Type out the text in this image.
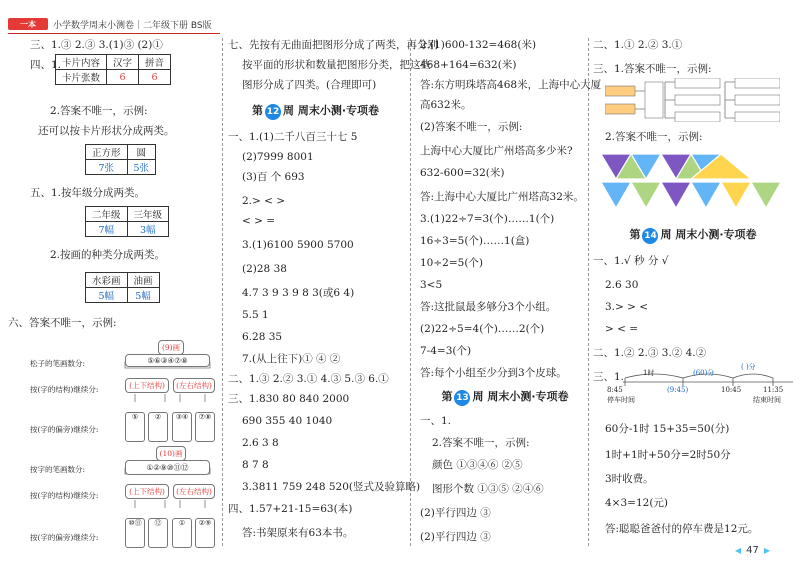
一本	小学数学周末小测卷｜二年级下册 BS版
三、1.③ 2.③ 3.(1)③ (2)①
四、1. 卡片内容	汉字	拼音
卡片张数	6	6
2.答案不唯一，示例:
还可以按卡片形状分成两类。
正方形	圆
7张	5张
五、1.按年级分成两类。
二年级	三年级
7幅	3幅
2.按画的种类分成两类。
水彩画	油画
5幅	5幅
六、答案不唯一，示例:
(9)画
松子的笔画数分:	⑤⑥③④⑦⑧
按(字的结构)继续分:	(上下结构)	(左右结构)
按(字的偏旁)继续分:
⑤	②	③④	⑦⑧
(10)画
按字的笔画数分:	①②⑨⑩⑪⑫
按(字的结构)继续分:	(上下结构)	(左右结构)
按(字的偏旁)继续分:
⑩⑪	⑫	①	②⑨
七、先按有无曲面把图形分成了两类，再分别
按平面的形状和数量把图形分类，把这些
图形分成了四类。(合理即可)
第 12 周 周末小测·专项卷
一、1.(1)二千八百三十七 5
(2)7999 8001
(3)百 个 693
2.> < >
< > =
3.(1)6100 5900 5700
(2)28 38
4.7 3 9 3 9 8 3(或6 4)
5.5 1
6.28 35
7.(从上往下)① ④ ②
二、1.③ 2.② 3.① 4.③ 5.③ 6.①
三、1.830 80 840 2000
690 355 40 1040
2.6 3 8
8 7 8
3.3811 759 248 520(竖式及验算略)
四、1.57+21-15=63(本)
答:书架原来有63本书。
2.(1)600-132=468(米)
468+164=632(米)
答:东方明珠塔高468米，上海中心大厦
高632米。
(2)答案不唯一，示例:
上海中心大厦比广州塔高多少米?
632-600=32(米)
答:上海中心大厦比广州塔高32米。
3.(1)22÷7=3(个)……1(个)
16÷3=5(个)……1(盒)
10÷2=5(个)
3<5
答:这批鼠最多够分3个小组。
(2)22÷5=4(个)……2(个)
7-4=3(个)
答:每个小组至少分到3个皮球。
第 13 周 周末小测·专项卷
一、1.
2.答案不唯一，示例:
颜色 ①③④⑥ ②⑤
图形个数 ①③⑤ ②④⑥
(2)平行四边 ③
(2)平行四边 ③
二、1.① 2.② 3.①
三、1.答案不唯一，示例:
2.答案不唯一，示例:
第 14 周 周末小测·专项卷
一、1.√ 秒 分 √
2.6 30
3.> > <
> < =
二、1.② 2.③ 3.② 4.②
三、1.	1时	(60)分
( )分
8:45	(9:45)	10:45	11:35
停车时间	结束时间
60分-1时 15+35=50(分)
1时+1时+50分=2时50分
3时收费。
4×3=12(元)
答:聪聪爸爸付的停车费是12元。
◀ 47 ▶
